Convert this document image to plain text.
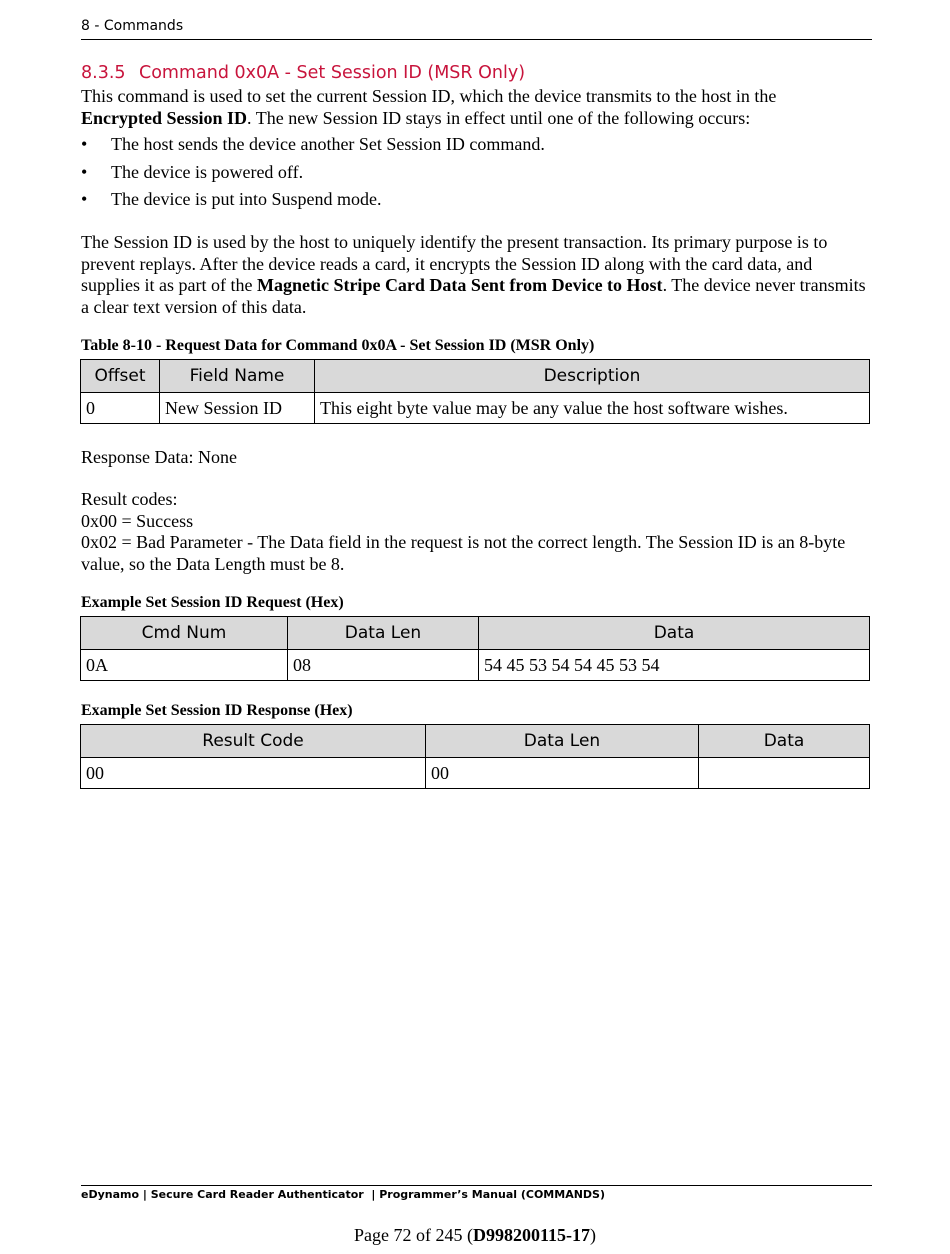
8 - Commands
8.3.5 Command 0x0A - Set Session ID (MSR Only)
This command is used to set the current Session ID, which the device transmits to the host in the
Encrypted Session ID. The new Session ID stays in effect until one of the following occurs:
• The host sends the device another Set Session ID command.
• The device is powered off.
• The device is put into Suspend mode.
The Session ID is used by the host to uniquely identify the present transaction. Its primary purpose is to prevent replays. After the device reads a card, it encrypts the Session ID along with the card data, and supplies it as part of the Magnetic Stripe Card Data Sent from Device to Host. The device never transmits a clear text version of this data.
Table 8-10 - Request Data for Command 0x0A - Set Session ID (MSR Only)
Offset	Field Name	Description
0	New Session ID	This eight byte value may be any value the host software wishes.
Response Data: None
Result codes:
0x00 = Success
0x02 = Bad Parameter - The Data field in the request is not the correct length. The Session ID is an 8-byte value, so the Data Length must be 8.
Example Set Session ID Request (Hex)
Cmd Num	Data Len	Data
0A	08	54 45 53 54 54 45 53 54
Example Set Session ID Response (Hex)
Result Code	Data Len	Data
00	00	
eDynamo | Secure Card Reader Authenticator  | Programmer’s Manual (COMMANDS)
Page 72 of 245 (D998200115-17)
